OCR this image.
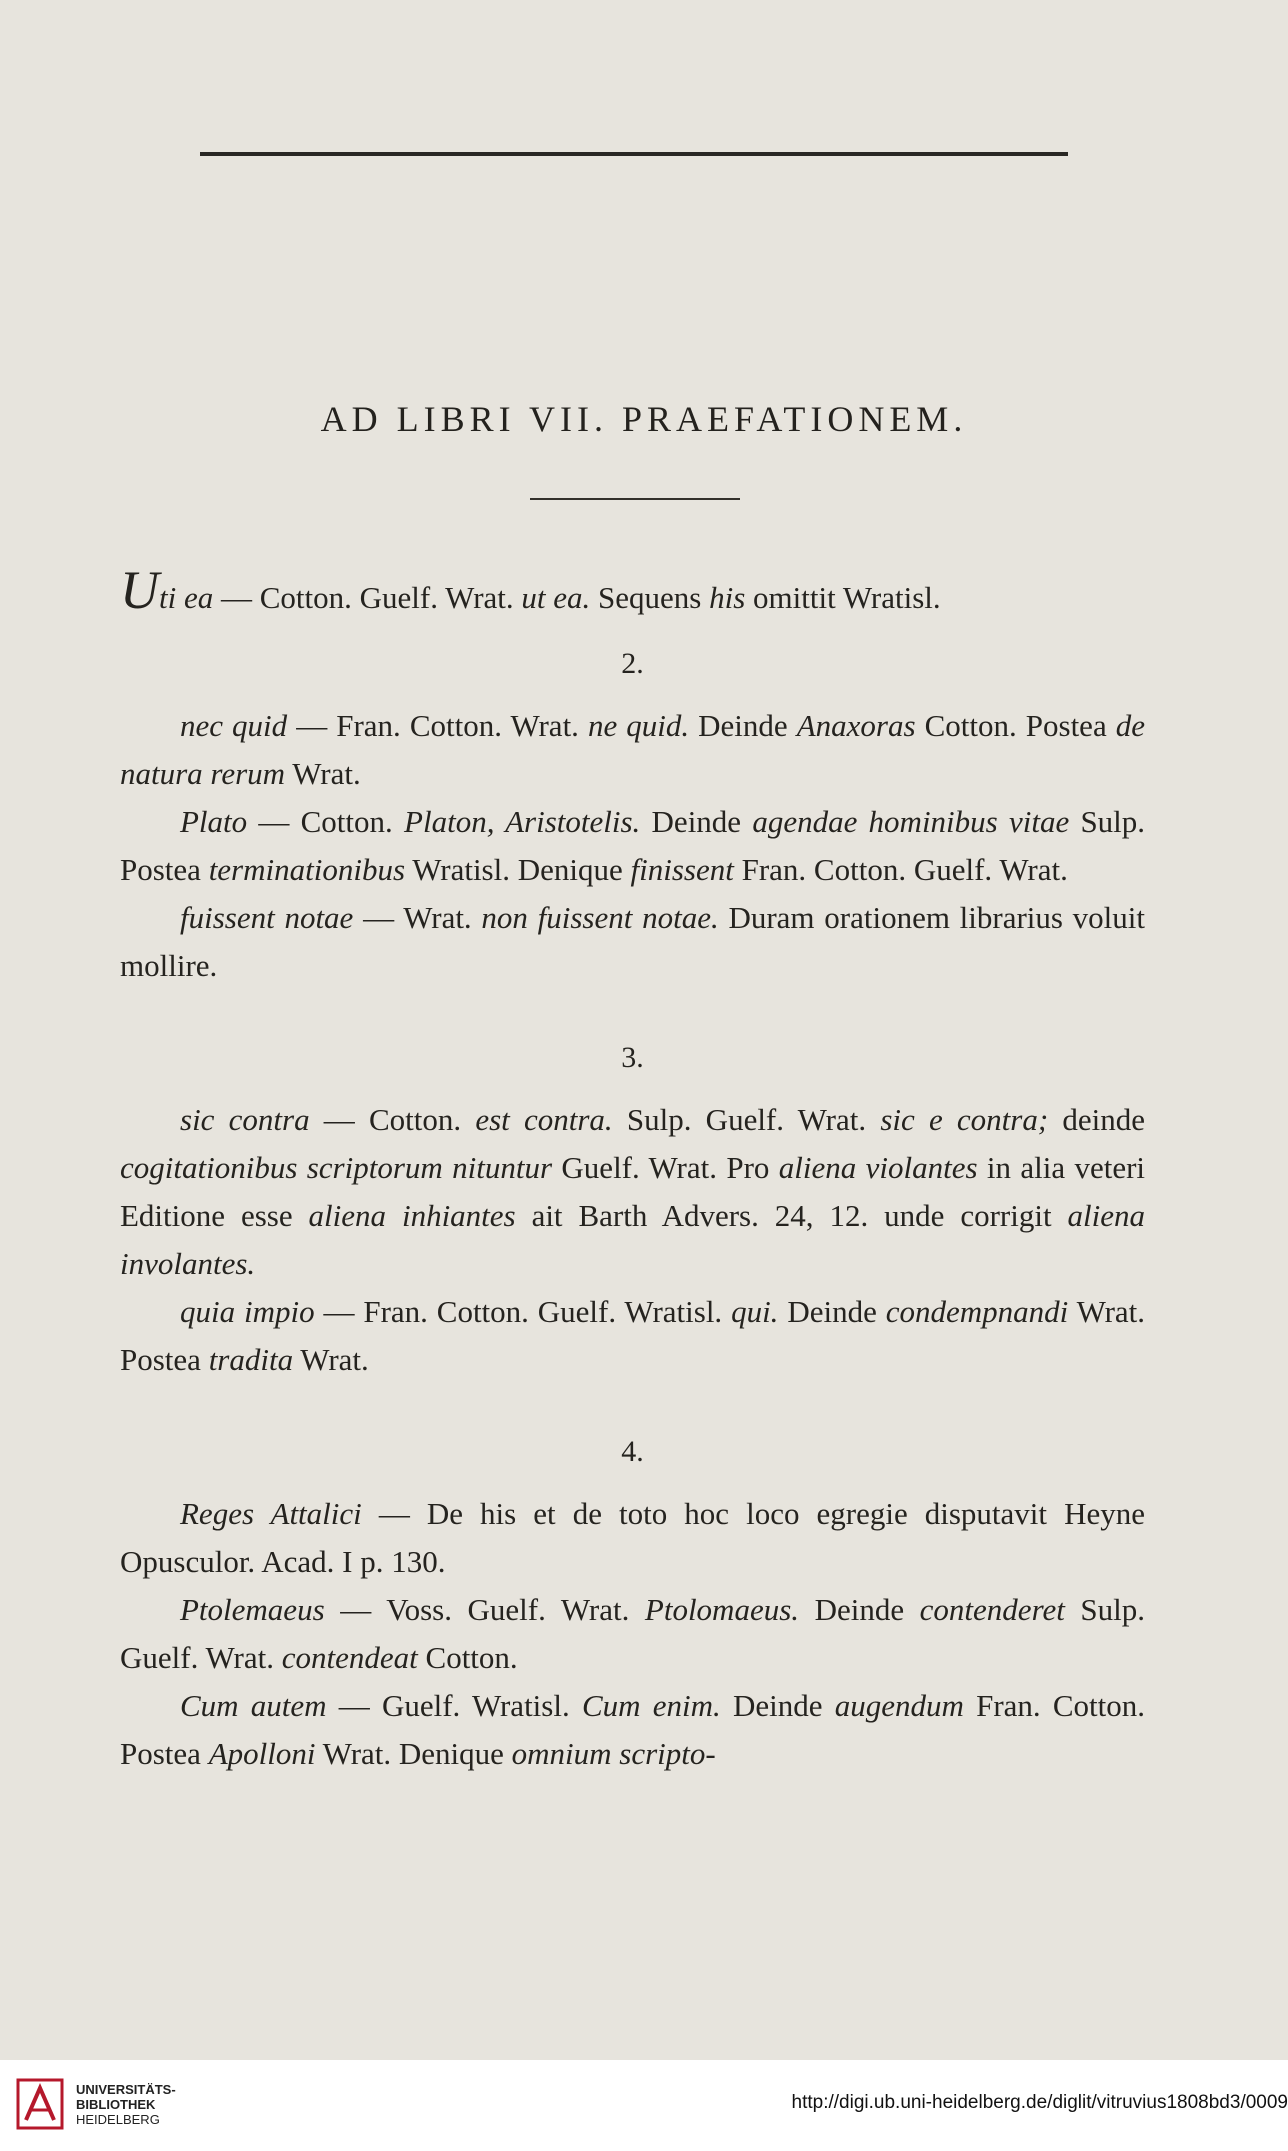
AD LIBRI VII. PRAEFATIONEM.

Uti ea — Cotton. Guelf. Wrat. ut ea. Sequens his omittit Wratisl.

2.

nec quid — Fran. Cotton. Wrat. ne quid. Deinde Anaxoras Cotton. Postea de natura rerum Wrat.

Plato — Cotton. Platon, Aristotelis. Deinde agendae hominibus vitae Sulp. Postea terminationibus Wratisl. Denique finissent Fran. Cotton. Guelf. Wrat.

fuissent notae — Wrat. non fuissent notae. Duram orationem librarius voluit mollire.

3.

sic contra — Cotton. est contra. Sulp. Guelf. Wrat. sic e contra; deinde cogitationibus scriptorum nituntur Guelf. Wrat. Pro aliena violantes in alia veteri Editione esse aliena inhiantes ait Barth Advers. 24, 12. unde corrigit aliena involantes.

quia impio — Fran. Cotton. Guelf. Wratisl. qui. Deinde condempnandi Wrat. Postea tradita Wrat.

4.

Reges Attalici — De his et de toto hoc loco egregie disputavit Heyne Opusculor. Acad. I p. 130.

Ptolemaeus — Voss. Guelf. Wrat. Ptolomaeus. Deinde contenderet Sulp. Guelf. Wrat. contendeat Cotton.

Cum autem — Guelf. Wratisl. Cum enim. Deinde augendum Fran. Cotton. Postea Apolloni Wrat. Denique omnium scripto-

UNIVERSITÄTS-
BIBLIOTHEK
HEIDELBERG
http://digi.ub.uni-heidelberg.de/diglit/vitruvius1808bd3/0009
